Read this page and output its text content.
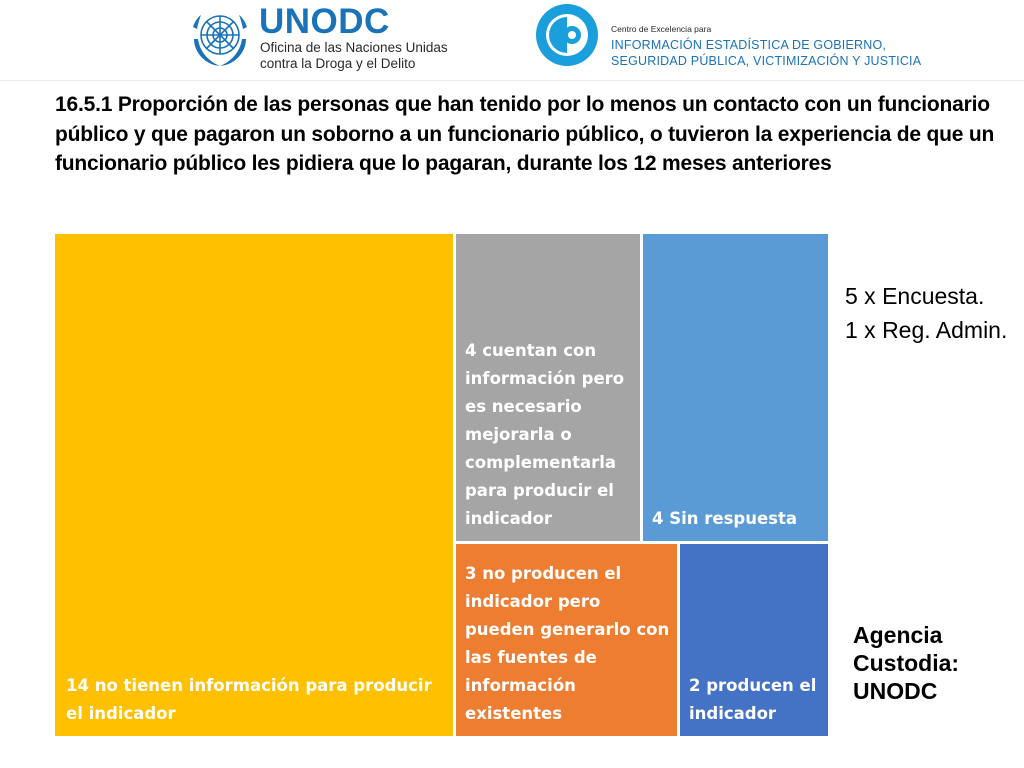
UNODC
Oficina de las Naciones Unidas
contra la Droga y el Delito
Centro de Excelencia para
INFORMACIÓN ESTADÍSTICA DE GOBIERNO,
SEGURIDAD PÚBLICA, VICTIMIZACIÓN Y JUSTICIA
16.5.1 Proporción de las personas que han tenido por lo menos un contacto con un funcionario público y que pagaron un soborno a un funcionario público, o tuvieron la experiencia de que un funcionario público les pidiera que lo pagaran, durante los 12 meses anteriores
14 no tienen información para producir el indicador
4 cuentan con información pero es necesario mejorarla o complementarla para producir el indicador	4 Sin respuesta
3 no producen el indicador pero pueden generarlo con las fuentes de información existentes
2 producen el indicador
5 x Encuesta.
1 x Reg. Admin.
Agencia
Custodia:
UNODC
